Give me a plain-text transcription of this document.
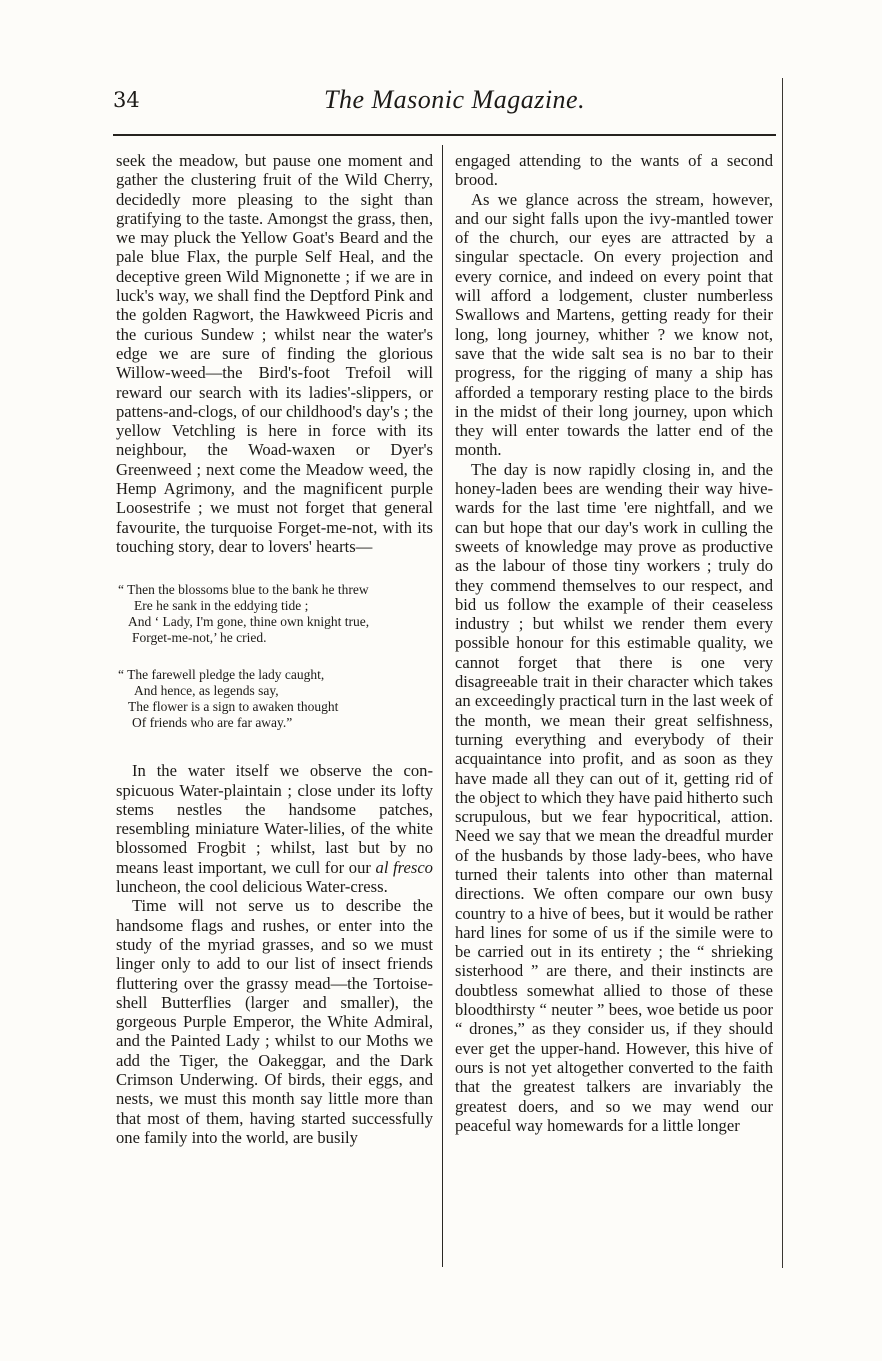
34	The Masonic Magazine.

seek the meadow, but pause one moment and gather the clustering fruit of the Wild Cherry, decidedly more pleasing to the sight than gratifying to the taste. Amongst the grass, then, we may pluck the Yellow Goat's Beard and the pale blue Flax, the purple Self Heal, and the deceptive green Wild Mignonette ; if we are in luck's way, we shall find the Deptford Pink and the golden Ragwort, the Hawkweed Picris and the curious Sundew ; whilst near the water's edge we are sure of finding the glorious Willow-weed—the Bird's-foot Trefoil will reward our search with its ladies'-slippers, or pattens-and-clogs, of our childhood's day's ; the yellow Vetchling is here in force with its neighbour, the Woad-waxen or Dyer's Greenweed ; next come the Meadow weed, the Hemp Agrimony, and the magnificent purple Loosestrife ; we must not forget that general favourite, the turquoise Forget-me-not, with its touching story, dear to lovers' hearts—

“ Then the blossoms blue to the bank he threw
Ere he sank in the eddying tide ;
And ‘ Lady, I'm gone, thine own knight true,
Forget-me-not,’ he cried.
“ The farewell pledge the lady caught,
And hence, as legends say,
The flower is a sign to awaken thought
Of friends who are far away.”

In the water itself we observe the conspicuous Water-plaintain ; close under its lofty stems nestles the handsome patches, resembling miniature Water-lilies, of the white blossomed Frogbit ; whilst, last but by no means least important, we cull for our al fresco luncheon, the cool delicious Water-cress.

Time will not serve us to describe the handsome flags and rushes, or enter into the study of the myriad grasses, and so we must linger only to add to our list of insect friends fluttering over the grassy mead—the Tortoise-shell Butterflies (larger and smaller), the gorgeous Purple Emperor, the White Admiral, and the Painted Lady ; whilst to our Moths we add the Tiger, the Oakeggar, and the Dark Crimson Underwing. Of birds, their eggs, and nests, we must this month say little more than that most of them, having started successfully one family into the world, are busily

engaged attending to the wants of a second brood.

As we glance across the stream, however, and our sight falls upon the ivy-mantled tower of the church, our eyes are attracted by a singular spectacle. On every projection and every cornice, and indeed on every point that will afford a lodgement, cluster numberless Swallows and Martens, getting ready for their long, long journey, whither ? we know not, save that the wide salt sea is no bar to their progress, for the rigging of many a ship has afforded a temporary resting place to the birds in the midst of their long journey, upon which they will enter towards the latter end of the month.

The day is now rapidly closing in, and the honey-laden bees are wending their way hive-wards for the last time 'ere nightfall, and we can but hope that our day's work in culling the sweets of knowledge may prove as productive as the labour of those tiny workers ; truly do they commend themselves to our respect, and bid us follow the example of their ceaseless industry ; but whilst we render them every possible honour for this estimable quality, we cannot forget that there is one very disagreeable trait in their character which takes an exceedingly practical turn in the last week of the month, we mean their great selfishness, turning everything and everybody of their acquaintance into profit, and as soon as they have made all they can out of it, getting rid of the object to which they have paid hitherto such scrupulous, but we fear hypocritical, attion. Need we say that we mean the dreadful murder of the husbands by those lady-bees, who have turned their talents into other than maternal directions. We often compare our own busy country to a hive of bees, but it would be rather hard lines for some of us if the simile were to be carried out in its entirety ; the “ shrieking sisterhood ” are there, and their instincts are doubtless somewhat allied to those of these bloodthirsty “ neuter ” bees, woe betide us poor “ drones,” as they consider us, if they should ever get the upper-hand. However, this hive of ours is not yet altogether converted to the faith that the greatest talkers are invariably the greatest doers, and so we may wend our peaceful way homewards for a little longer
